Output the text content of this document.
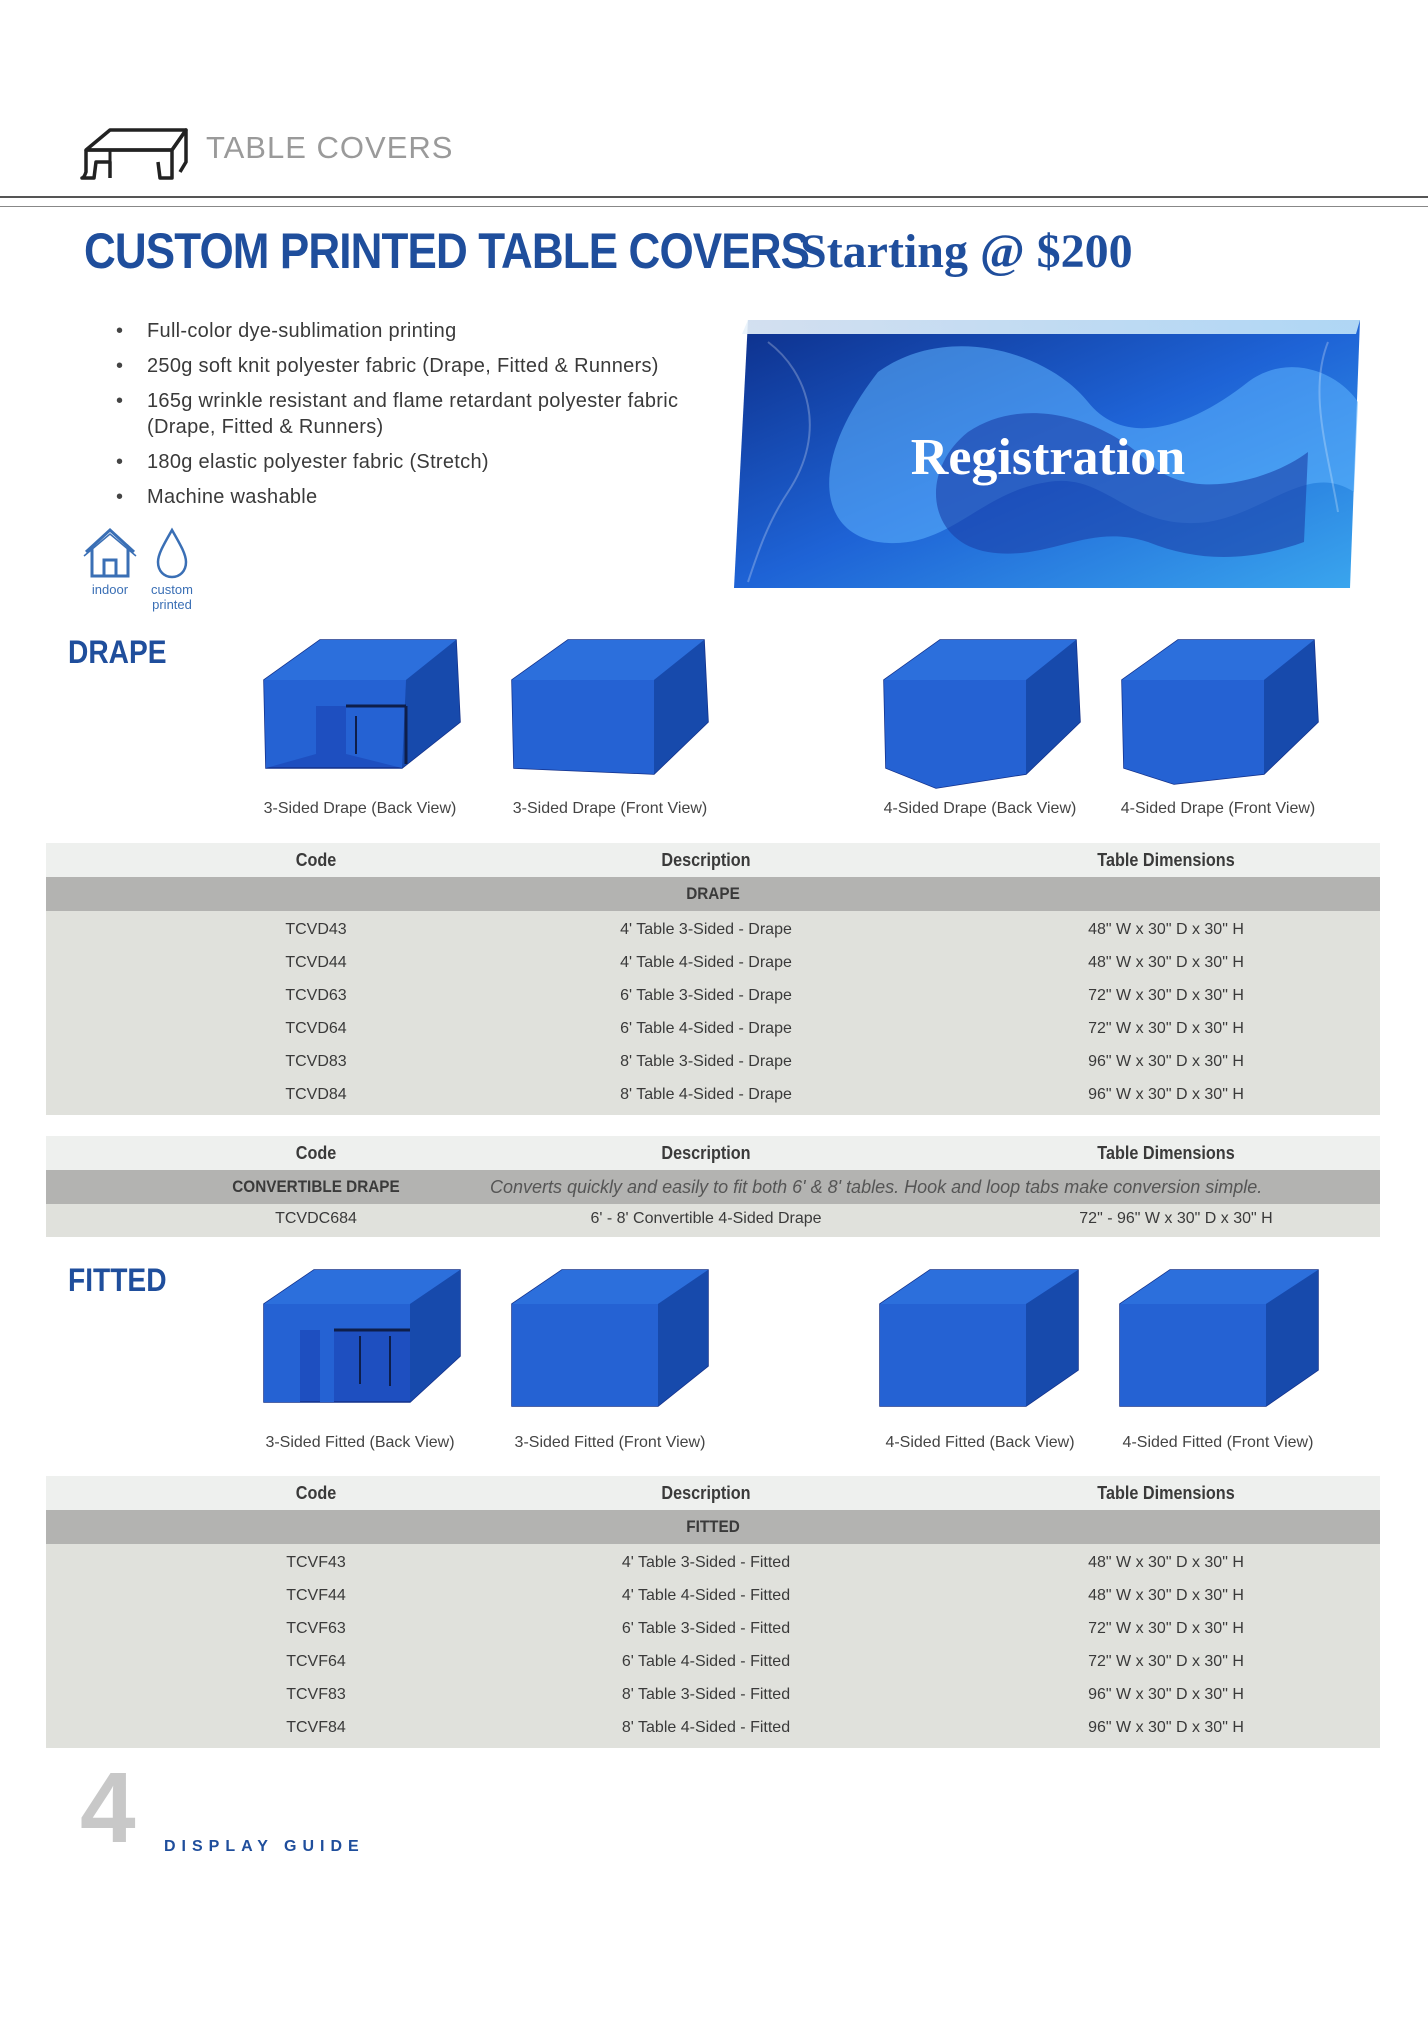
TABLE COVERS
CUSTOM PRINTED TABLE COVERS
Starting @ $200
• Full-color dye-sublimation printing
• 250g soft knit polyester fabric (Drape, Fitted & Runners)
• 165g wrinkle resistant and flame retardant polyester fabric (Drape, Fitted & Runners)
• 180g elastic polyester fabric (Stretch)
• Machine washable
indoor	custom
printed
Registration
DRAPE
3-Sided Drape (Back View)	3-Sided Drape (Front View)	4-Sided Drape (Back View)	4-Sided Drape (Front View)
Code	Description	Table Dimensions
DRAPE
TCVD43	4' Table 3-Sided - Drape	48" W x 30" D x 30" H
TCVD44	4' Table 4-Sided - Drape	48" W x 30" D x 30" H
TCVD63	6' Table 3-Sided - Drape	72" W x 30" D x 30" H
TCVD64	6' Table 4-Sided - Drape	72" W x 30" D x 30" H
TCVD83	8' Table 3-Sided - Drape	96" W x 30" D x 30" H
TCVD84	8' Table 4-Sided - Drape	96" W x 30" D x 30" H
Code	Description	Table Dimensions
CONVERTIBLE DRAPE	Converts quickly and easily to fit both 6' & 8' tables. Hook and loop tabs make conversion simple.
TCVDC684	6' - 8' Convertible 4-Sided Drape	72" - 96" W x 30" D x 30" H
FITTED
3-Sided Fitted (Back View)	3-Sided Fitted (Front View)	4-Sided Fitted (Back View)	4-Sided Fitted (Front View)
Code	Description	Table Dimensions
FITTED
TCVF43	4' Table 3-Sided - Fitted	48" W x 30" D x 30" H
TCVF44	4' Table 4-Sided - Fitted	48" W x 30" D x 30" H
TCVF63	6' Table 3-Sided - Fitted	72" W x 30" D x 30" H
TCVF64	6' Table 4-Sided - Fitted	72" W x 30" D x 30" H
TCVF83	8' Table 3-Sided - Fitted	96" W x 30" D x 30" H
TCVF84	8' Table 4-Sided - Fitted	96" W x 30" D x 30" H
4 DISPLAY GUIDE
